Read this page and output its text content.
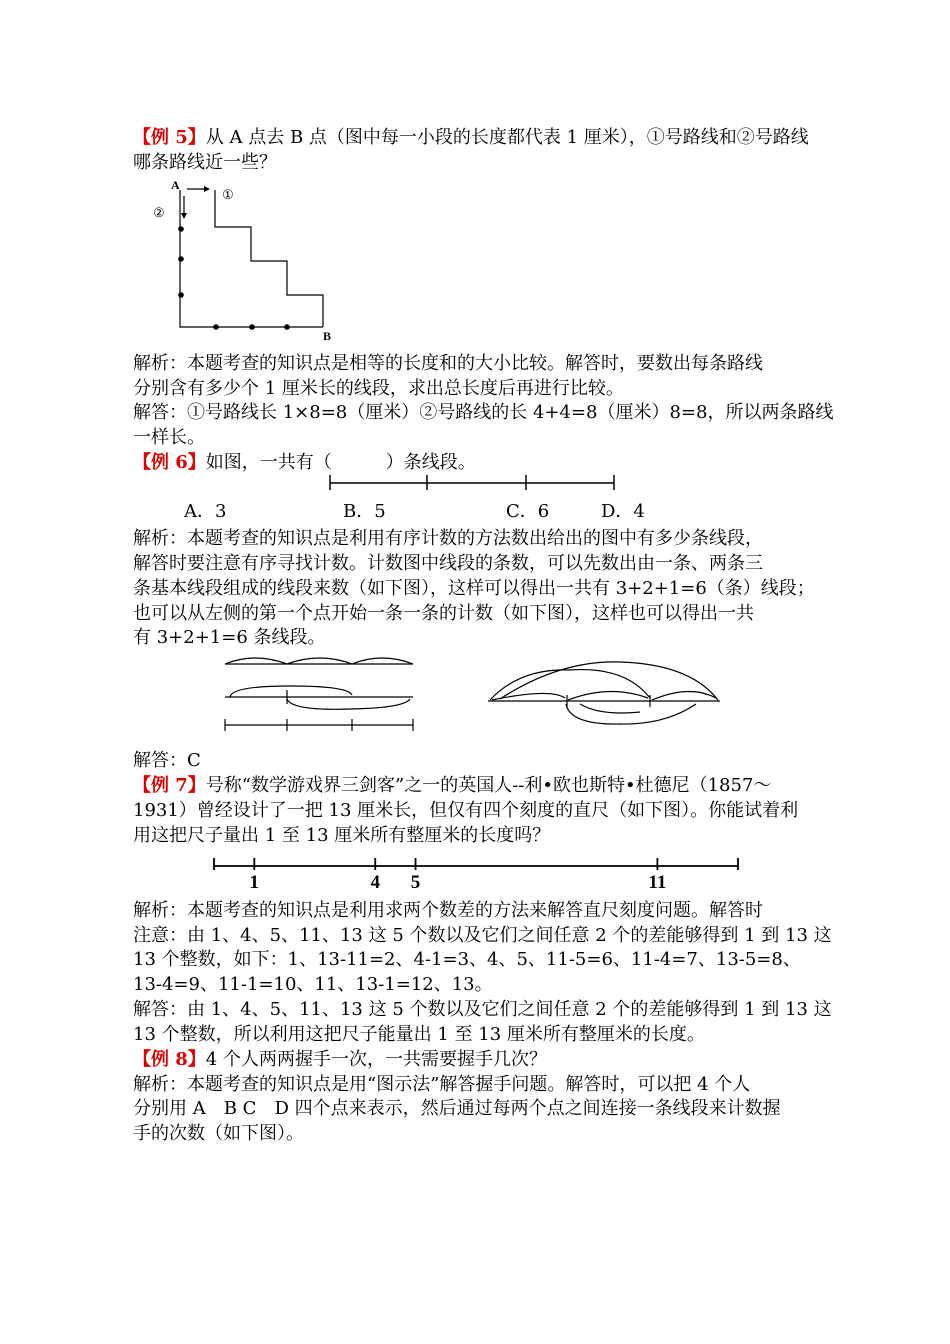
【例 5】从 A 点去 B 点（图中每一小段的长度都代表 1 厘米），①号路线和②号路线
哪条路线近一些？
A
B
①
②
解析：本题考查的知识点是相等的长度和的大小比较。解答时，要数出每条路线
分别含有多少个 1 厘米长的线段，求出总长度后再进行比较。
解答：①号路线长 1×8=8（厘米）②号路线的长 4+4=8（厘米）8=8，所以两条路线
一样长。
【例 6】如图，一共有（　　　）条线段。
A．3	B．5	C．6	D．4
解析：本题考查的知识点是利用有序计数的方法数出给出的图中有多少条线段，
解答时要注意有序寻找计数。计数图中线段的条数，可以先数出由一条、两条三
条基本线段组成的线段来数（如下图），这样可以得出一共有 3+2+1=6（条）线段；
也可以从左侧的第一个点开始一条一条的计数（如下图），这样也可以得出一共
有 3+2+1=6 条线段。
解答：C
【例 7】号称“数学游戏界三剑客”之一的英国人--利•欧也斯特•杜德尼（1857～
1931）曾经设计了一把 13 厘米长，但仅有四个刻度的直尺（如下图）。你能试着利
用这把尺子量出 1 至 13 厘米所有整厘米的长度吗？
1	4 5	11
解析：本题考查的知识点是利用求两个数差的方法来解答直尺刻度问题。解答时
注意：由 1、4、5、11、13 这 5 个数以及它们之间任意 2 个的差能够得到 1 到 13 这
13 个整数，如下：1、13-11=2、4-1=3、4、5、11-5=6、11-4=7、13-5=8、
13-4=9、11-1=10、11、13-1=12、13。
解答：由 1、4、5、11、13 这 5 个数以及它们之间任意 2 个的差能够得到 1 到 13 这
13 个整数，所以利用这把尺子能量出 1 至 13 厘米所有整厘米的长度。
【例 8】4 个人两两握手一次，一共需要握手几次？
解析：本题考查的知识点是用“图示法”解答握手问题。解答时，可以把 4 个人
分别用 A　B C　D 四个点来表示，然后通过每两个点之间连接一条线段来计数握
手的次数（如下图）。
